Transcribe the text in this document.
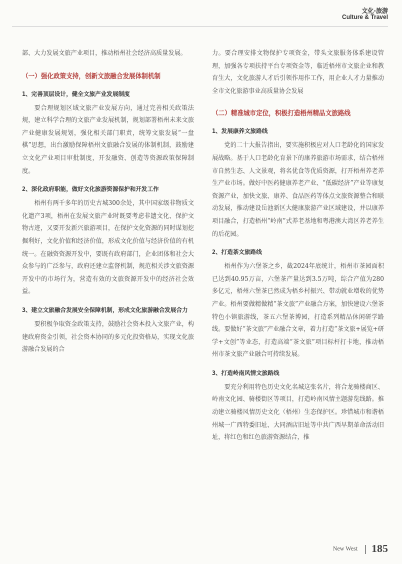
文化·旅游
Culture & Travel

部、大力发展文旅产业项目，推动梧州社会经济高质量发展。

（一）强化政策支持，创新文旅融合发展体制机制
1、完善顶层设计，健全文旅产业发展制度

要合理规划区域文旅产业发展方向，通过完善相关政策法规，建立科学合理的文旅产业发展机制，规划部署梧州未来文旅产业健康发展规划，强化相关部门职责，统筹文旅发展“一盘棋”思想，出台激励保障梧州文旅融合发展的体制机制，鼓励建立文化产业项目审批制度，开发融资、创造等资源政策保障制度。

2、深化政府职能，做好文化旅游资源保护和开发工作

梧州有两千多年的历史古城300余处，其中国家级非物质文化遗产3项，梧州在发展文旅产业时既要考虑非遗文化、保护文物古迹，又要开发新兴旅游项目，在保护文化资源的同时谋划挖掘利好，文化价值和经济价值，形成文化价值与经济价值的有机统一。在融资资源开发中，要既有政府部门，企业团体和社会大众参与的广泛参与，政府还建立监督机制，规范相关涉文旅资源开发中的市场行为，营造有效的文旅资源开发中的经济社会效益。

3、建立文旅融合发展安全保障机制，形成文化旅游融合发展合力

要积极争取资金政策支持，鼓励社会资本投入文旅产业，构建政府资金引领，社会资本协同的多元化投资格局，实现文化旅游融合发展的合

力。要合理安排文物保护专项资金，带头文旅服务体系建设管理，加强各专项扶持平台专项资金等，临近梧州市文旅企业和教育生大，文化旅游人才后引领作用作工作，用企业人才力量推动全市文化旅游事业高质量协会发展

（二）精准城市定位，积极打造梧州精品文旅路线
1、发展康养文旅路线

党的二十大报告指出，要实施积极应对人口老龄化的国家发展战略。基于人口老龄化育景下的康养旅游市场需求，结合梧州市自然生态、人文景观，将名优食等优质资源，打开梧州养老养生产业市场。做好中医药健康养老产业、“低碳经济”产业等康复资源产业，加快文旅、康养、食品医药等体点文旅资源整合和联动发展，推动建设岳池新区大健康旅游产业区域建设，并以康养项目融合，打造梧州“岭南”式养老基地和粤港澳大湾区养老养生的后花园。

2、打造茶文旅路线

梧州作为六堡茶之乡，截2024年底统计，梧州市茶园面积已达到40.95万亩，六堡茶产量达到3.5万吨，综合产值为280多亿元，梧州六堡茶已然成为梧乡村振兴、带动就业增收的优势产业。梧州要做精做精“茶文旅”产业融合方案，加快建设六堡茶特色小镇旅游线，茶五六堡茶博园，打造系列精品休闲研学路线。要做好“茶文旅”产业融合文章，着力打造“茶文旅+展览+研学+文创”等业态，打造高端“茶文旅”项目标杆打卡地，推动梧州市茶文旅产业融合可持续发展。

3、打造岭南风情文旅路线

要充分利用特色历史文化名城这张名片，将合龙骑楼商区、岭南文化园、骑楼街区等项目，打造岭南风情主题游览线路。推动建立骑楼风情历史文化（梧州）生态保护区。珍惜城市和谐梧州城一广西特委旧址、大同酒店旧址等中共广西早期革命活动旧址，将红色和红色旅游资源结合，推

New West 185
